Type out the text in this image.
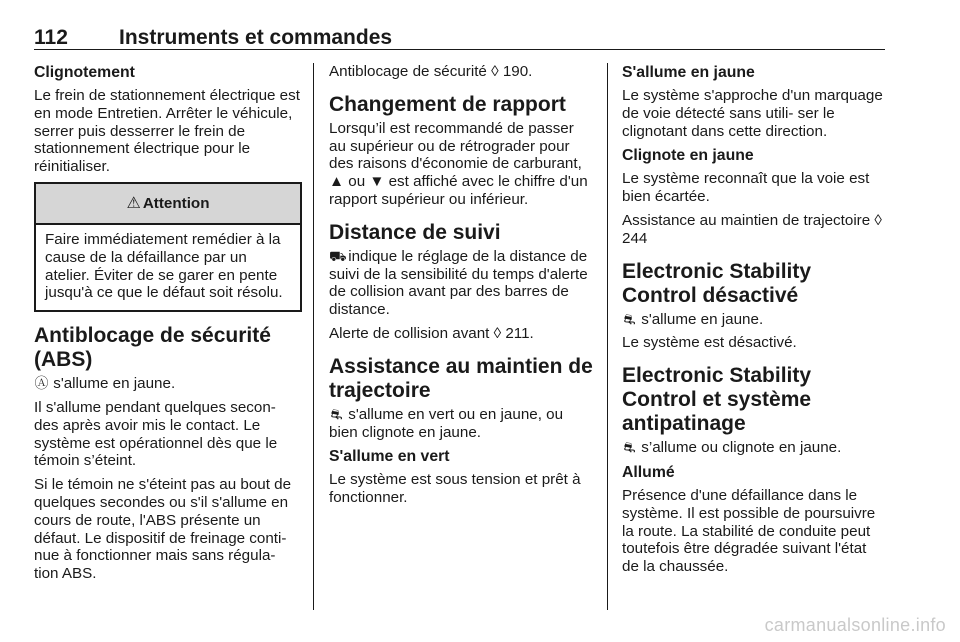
112 Instruments et commandes
Clignotement

Le frein de stationnement électrique est en mode Entretien. Arrêter le véhicule, serrer puis desserrer le frein de stationnement électrique pour le réinitialiser.

⚠ Attention
Faire immédiatement remédier à la cause de la défaillance par un atelier. Éviter de se garer en pente jusqu'à ce que le défaut soit résolu.
Antiblocage de sécurité (ABS)

Ⓐ s'allume en jaune.

Il s'allume pendant quelques secon- des après avoir mis le contact. Le système est opérationnel dès que le témoin s’éteint.

Si le témoin ne s'éteint pas au bout de quelques secondes ou s'il s'allume en cours de route, l'ABS présente un défaut. Le dispositif de freinage conti- nue à fonctionner mais sans régula- tion ABS.

Antiblocage de sécurité ◊ 190.

Changement de rapport

Lorsqu’il est recommandé de passer au supérieur ou de rétrograder pour des raisons d'économie de carburant, ▲ ou ▼ est affiché avec le chiffre d'un rapport supérieur ou inférieur.

Distance de suivi

⛟ indique le réglage de la distance de suivi de la sensibilité du temps d'alerte de collision avant par des barres de distance.

Alerte de collision avant ◊ 211.

Assistance au maintien de trajectoire

⛐ s'allume en vert ou en jaune, ou bien clignote en jaune.

S'allume en vert

Le système est sous tension et prêt à fonctionner.

S'allume en jaune

Le système s'approche d'un marquage de voie détecté sans utili- ser le clignotant dans cette direction.

Clignote en jaune

Le système reconnaît que la voie est bien écartée.

Assistance au maintien de trajectoire ◊ 244

Electronic Stability Control désactivé

⛐ s'allume en jaune.

Le système est désactivé.

Electronic Stability Control et système antipatinage

⛐ s’allume ou clignote en jaune.

Allumé

Présence d'une défaillance dans le système. Il est possible de poursuivre la route. La stabilité de conduite peut toutefois être dégradée suivant l'état de la chaussée.

carmanualsonline.info
